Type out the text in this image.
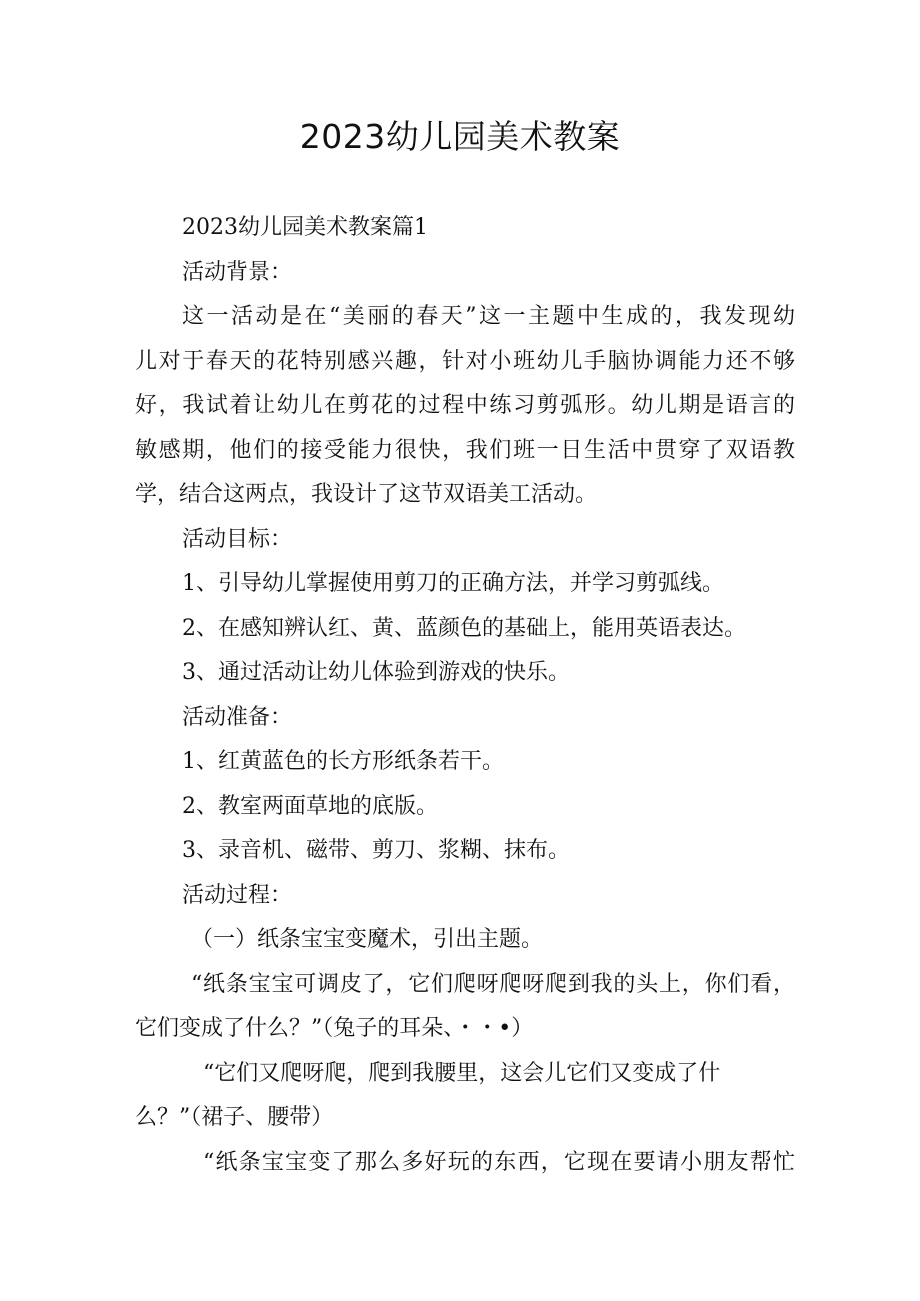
2023幼儿园美术教案
2023幼儿园美术教案篇1
活动背景：
这一活动是在“美丽的春天”这一主题中生成的，我发现幼
儿对于春天的花特别感兴趣，针对小班幼儿手脑协调能力还不够
好，我试着让幼儿在剪花的过程中练习剪弧形。幼儿期是语言的
敏感期，他们的接受能力很快，我们班一日生活中贯穿了双语教
学，结合这两点，我设计了这节双语美工活动。
活动目标：
1、引导幼儿掌握使用剪刀的正确方法，并学习剪弧线。
2、在感知辨认红、黄、蓝颜色的基础上，能用英语表达。
3、通过活动让幼儿体验到游戏的快乐。
活动准备：
1、红黄蓝色的长方形纸条若干。
2、教室两面草地的底版。
3、录音机、磁带、剪刀、浆糊、抹布。
活动过程：
（一）纸条宝宝变魔术，引出主题。
“纸条宝宝可调皮了，它们爬呀爬呀爬到我的头上，你们看，
它们变成了什么？”（兔子的耳朵、・・•）
“它们又爬呀爬，爬到我腰里，这会儿它们又变成了什
么？”（裙子、腰带）
“纸条宝宝变了那么多好玩的东西，它现在要请小朋友帮忙
